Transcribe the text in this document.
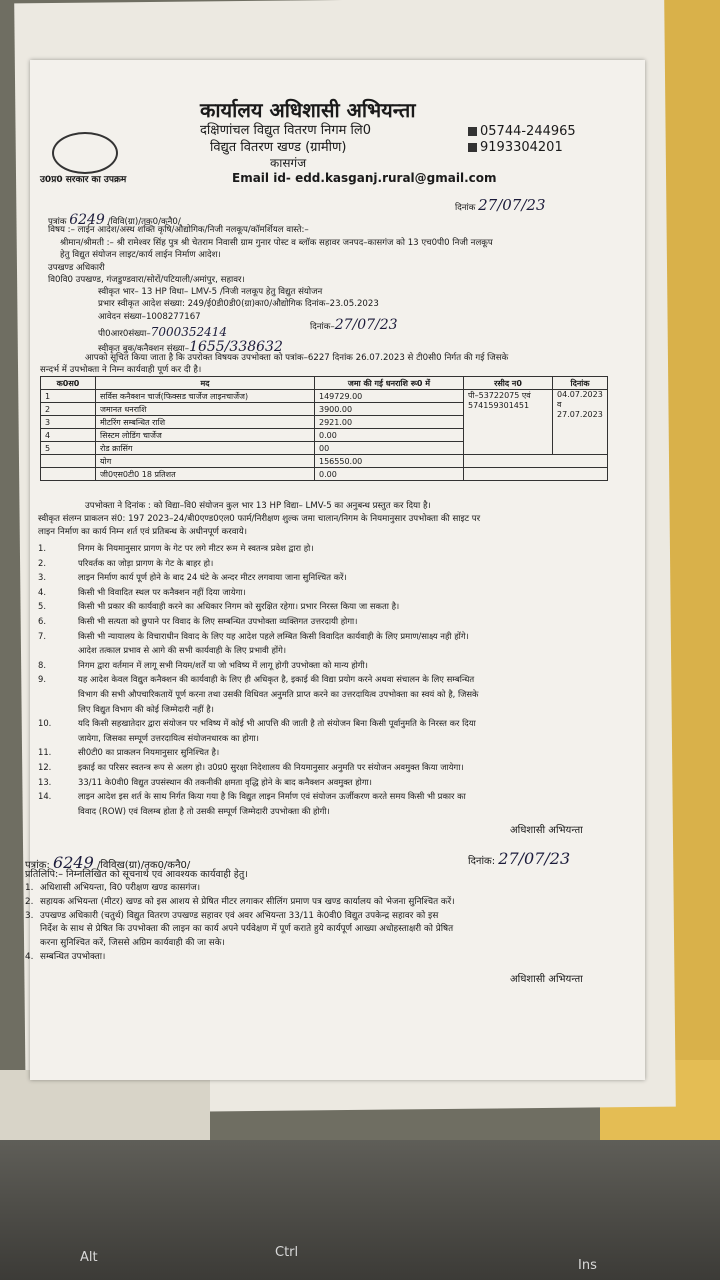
Alt	Ctrl
Ins
उ0प्र0 सरकार का उपक्रम
कार्यालय अधिशासी अभियन्ता
दक्षिणांचल विद्युत वितरण निगम लि0
विद्युत वितरण खण्ड (ग्रामीण)
कासगंज
Email id- edd.kasganj.rural@gmail.com
05744-244965
9193304201
पत्रांक 6249 /विवि(ग्रा)/तक0/कनै0/
दिनांक 27/07/23
विषय :– लाईन आदेश/अस्थ शक्ति कृषि/औद्योगिक/निजी नलकूप/कॉमर्शियल वास्ते:–
श्रीमान/श्रीमती :– श्री रामेश्वर सिंह पुत्र श्री चेतराम निवासी ग्राम गुनार पोस्ट व ब्लॉक सहावर जनपद–कासगंज को 13 एच0पी0 निजी नलकूप
हेतु विद्युत संयोजन लाइट/कार्य लाईन निर्माण आदेश।
उपखण्ड अधिकारी
वि0वि0 उपखण्ड, गंजडुण्डवारा/सोरों/पटियाली/अमांपुर, सहावर।
स्वीकृत भार– 13 HP विधा– LMV-5 /निजी नलकूप हेतु विद्युत संयोजन
प्रभार स्वीकृत आदेश संख्या: 249/ई0डी0डी0(ग्रा)का0/औद्योगिक दिनांक–23.05.2023
आवेदन संख्या–1008277167
पी0आर0संख्या–7000352414	दिनांक–27/07/23
स्वीकृत बुक/कनैक्शन संख्या–1655/338632
आपको सूचित किया जाता है कि उपरोक्त विषयक उपभोक्ता को पत्रांक–6227 दिनांक 26.07.2023 से टी0सी0 निर्गत की गई जिसके
सन्दर्भ में उपभोक्ता ने निम्न कार्यवाही पूर्ण कर दी है।
क0स0	मद	जमा की गई धनराशि रू0 में	रसीद न0	दिनांक
1	सर्विस कनैक्शन चार्ज(फिक्सड चार्जेज लाइनचार्जेज)	149729.00	पी–53722075 एवं 574159301451	04.07.2023 व 27.07.2023
2	जमानत धनराशि	3900.00		
3	मीटरिंग सम्बन्धित राशि	2921.00		
4	सिस्टम लोडिंग चार्जेज	0.00		
5	रोड क्रासिंग	00		
	योग	156550.00		
	जी0एस0टी0 18 प्रतिशत	0.00		
उपभोक्ता ने दिनांक : को विद्या–वि0 संयोजन कुल भार 13 HP विद्या– LMV-5 का अनुबन्ध प्रस्तुत कर दिया है।
स्वीकृत संलग्न प्राकलन सं0: 197 2023–24/बी0एण्ड0एल0 फार्म/निरीक्षण शुल्क जमा चालान/निगम के नियमानुसार उपभोक्ता की साइट पर
लाइन निर्माण का कार्य निम्न शर्त एवं प्रतिबन्ध के अधीनपूर्ण करवाये।
1.	निगम के नियमानुसार प्रागण के गेट पर लगे मीटर रूम मे स्वतन्त्र प्रवेश द्वारा हो।
2.	परिवर्तक का जोड़ा प्रागण के गेट के बाहर हो।
3.	लाइन निर्माण कार्य पूर्ण होने के बाद 24 घंटे के अन्दर मीटर लगवाया जाना सुनिश्चित करें।
4.	किसी भी विवादित स्थल पर कनैक्शन नहीं दिया जायेगा।
5.	किसी भी प्रकार की कार्यवाही करने का अधिकार निगम को सुरक्षित रहेगा। प्रभार निरस्त किया जा सकता है।
6.	किसी भी सत्यता को छुपाने पर विवाद के लिए सम्बन्धित उपभोक्ता व्यक्तिगत उत्तरदायी होगा।
7.	किसी भी न्यायालय के विचाराधीन विवाद के लिए यह आदेश पहले लम्बित किसी विवादित कार्यवाही के लिए प्रमाण/साक्ष्य नही होंगे।
आदेश तत्काल प्रभाव से आगे की सभी कार्यवाही के लिए प्रभावी होंगे।
8.	निगम द्वारा वर्तमान में लागू सभी नियम/शर्तें या जो भविष्य में लागू होगी उपभोक्ता को मान्य होगी।
9.	यह आदेश केवल विद्युत कनैक्शन की कार्यवाही के लिए ही अधिकृत है, इकाई की विद्या प्रयोग करने अथवा संचालन के लिए सम्बन्धित
विभाग की सभी औपचारिकतायें पूर्ण करना तथा उसकी विधिवत अनुमति प्राप्त करने का उत्तरदायित्व उपभोक्ता का स्वयं को है, जिसके
लिए विद्युत विभाग की कोई जिम्मेदारी नहीं है।
10.	यदि किसी सहखातेदार द्वारा संयोजन पर भविष्य में कोई भी आपत्ति की जाती है तो संयोजन बिना किसी पूर्वानुमति के निरस्त कर दिया
जायेगा, जिसका सम्पूर्ण उत्तरदायित्व संयोजनधारक का होगा।
11.	सी0टी0 का प्राकलन नियमानुसार सुनिश्चित है।
12.	इकाई का परिसर स्वतन्त्र रूप से अलग हो। उ0प्र0 सुरक्षा निदेशालय की नियमानुसार अनुमति पर संयोजन अवमुक्त किया जायेगा।
13.	33/11 के0वी0 विद्युत उपसंस्थान की तकनीकी क्षमता वृद्धि होने के बाद कनैक्शन अवमुक्त होगा।
14.	लाइन आदेश इस शर्त के साथ निर्गत किया गया है कि विद्युत लाइन निर्माण एवं संयोजन ऊर्जीकरण करते समय किसी भी प्रकार का
विवाद (ROW) एवं विलम्ब होता है तो उसकी सम्पूर्ण जिम्मेदारी उपभोक्ता की होगी।
अधिशासी अभियन्ता
पत्रांक: 6249 /विविख(ग्रा)/तक0/कनै0/	दिनांक: 27/07/23
प्रतिलिपि:– निम्नलिखित को सूचनार्थ एवं आवश्यक कार्यवाही हेतु।
1. अधिशासी अभियन्ता, वि0 परीक्षण खण्ड कासगंज।
2. सहायक अभियन्ता (मीटर) खण्ड को इस आशय से प्रेषित मीटर लगाकर सीलिंग प्रमाण पत्र खण्ड कार्यालय को भेजना सुनिश्चित करें।
3. उपखण्ड अधिकारी (चतुर्थ) विद्युत वितरण उपखण्ड सहावर एवं अवर अभियन्ता 33/11 के0वी0 विद्युत उपकेन्द्र सहावर को इस
निर्देश के साथ से प्रेषित कि उपभोक्ता की लाइन का कार्य अपने पर्यवेक्षण में पूर्ण कराते हुये कार्यपूर्ण आख्या अधोहस्ताक्षरी को प्रेषित
करना सुनिश्चित करें, जिससे अग्रिम कार्यवाही की जा सके।
4. सम्बन्धित उपभोक्ता।
अधिशासी अभियन्ता
